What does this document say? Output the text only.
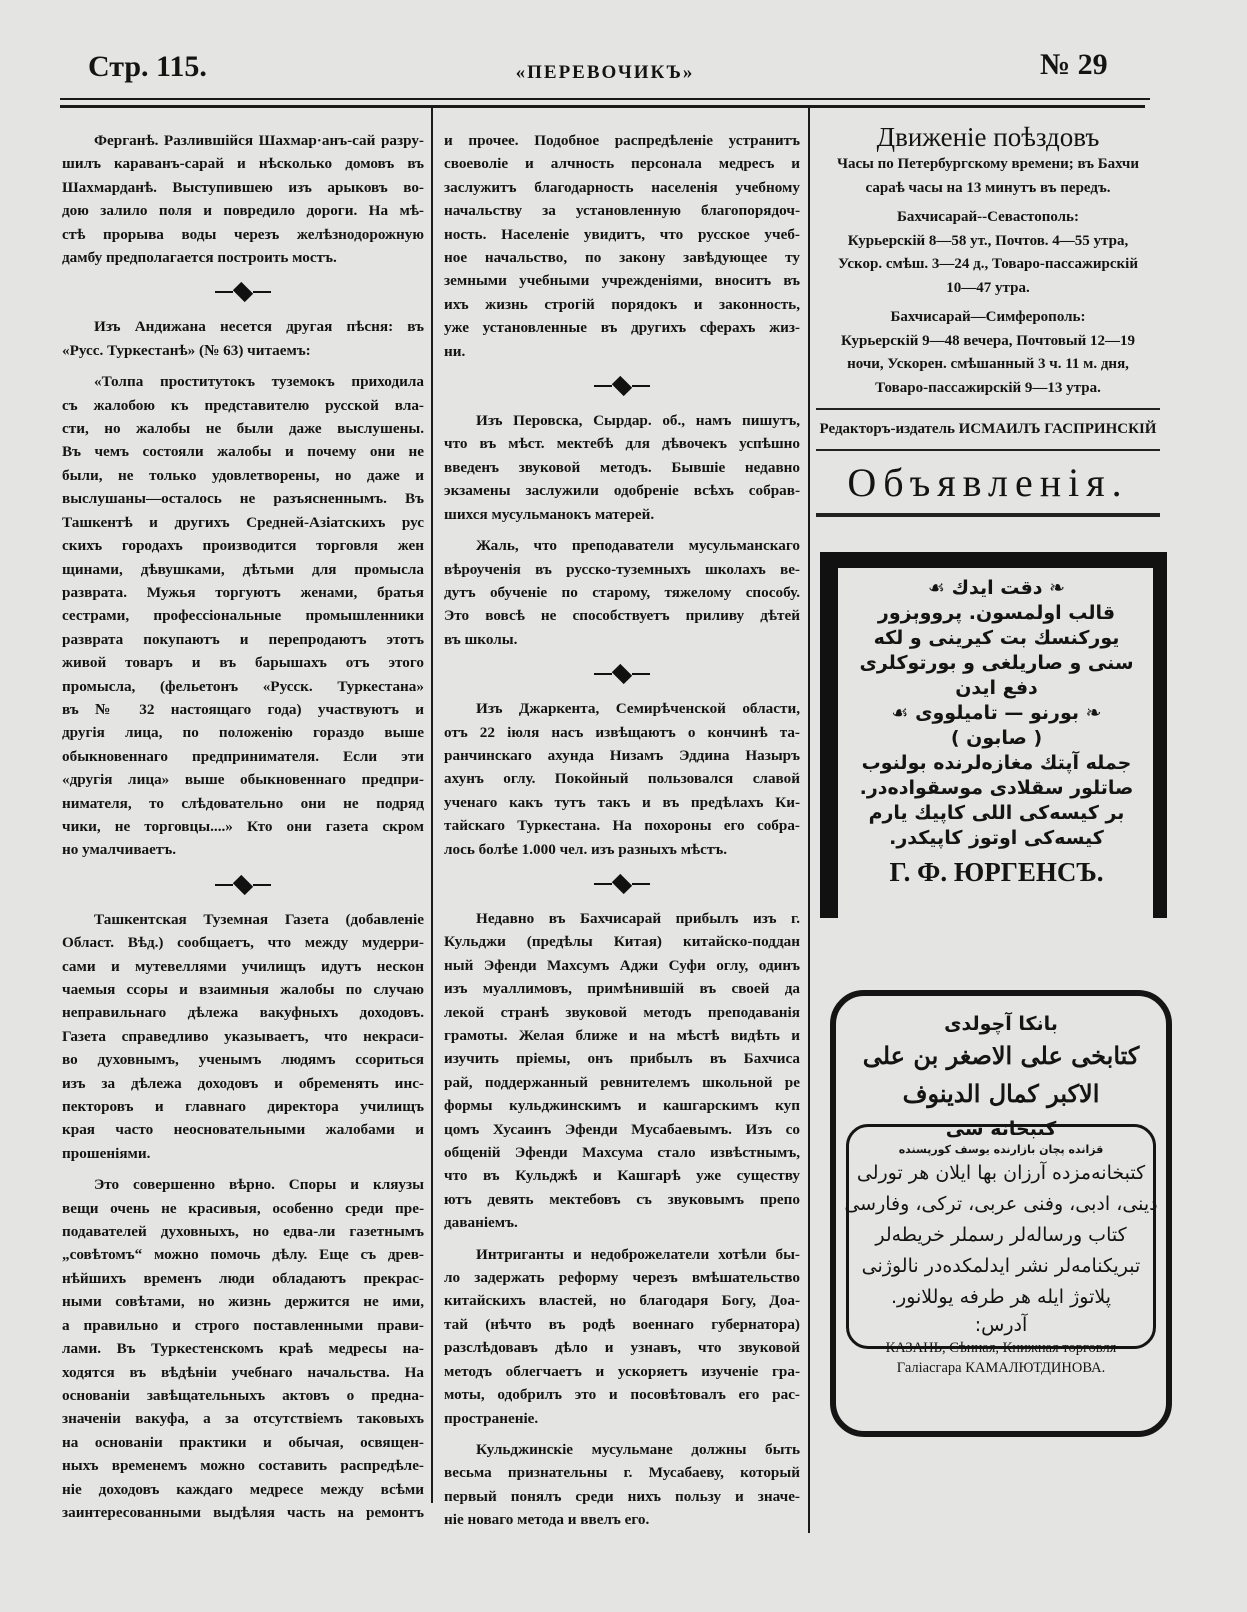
Стр. 115.	«ПЕРЕВОЧИКЪ»	№ 29
Ферганѣ. Разлившійся Шахмар·анъ-сай разру-
шилъ караванъ-сарай и нѣсколько домовъ въ
Шахмарданѣ. Выступившею изъ арыковъ во-
дою залило поля и повредило дороги. На мѣ-
стѣ прорыва воды черезъ желѣзнодорожную
дамбу предполагается построить мостъ.
Изъ Андижана несется другая пѣсня: въ
«Русс. Туркестанѣ» (№ 63) читаемъ:
«Толпа проститутокъ туземокъ приходила
съ жалобою къ представителю русской вла-
сти, но жалобы не были даже выслушены.
Въ чемъ состояли жалобы и почему они не
были, не только удовлетворены, но даже и
выслушаны—осталось не разъясненнымъ. Въ
Ташкентѣ и другихъ Средней-Азіатскихъ рус
скихъ городахъ производится торговля жен
щинами, дѣвушками, дѣтьми для промысла
разврата. Мужья торгуютъ женами, братья
сестрами, профессіональные промышленники
разврата покупаютъ и перепродаютъ этотъ
живой товаръ и въ барышахъ отъ этого
промысла, (фельетонъ «Русск. Туркестана»
въ № 32 настоящаго года) участвуютъ и
другія лица, по положенію гораздо выше
обыкновеннаго предпринимателя. Если эти
«другія лица» выше обыкновеннаго предпри-
нимателя, то слѣдовательно они не подряд
чики, не торговцы....» Кто они газета скром
но умалчиваетъ.
Ташкентская Туземная Газета (добавленіе
Област. Вѣд.) сообщаетъ, что между мудерри-
сами и мутевеллями училищъ идутъ нескон
чаемыя ссоры и взаимныя жалобы по случаю
неправильнаго дѣлежа вакуфныхъ доходовъ.
Газета справедливо указываетъ, что некраси-
во духовнымъ, ученымъ людямъ ссориться
изъ за дѣлежа доходовъ и обременять инс-
пекторовъ и главнаго директора училищъ
края часто неосновательными жалобами и
прошеніями.
Это совершенно вѣрно. Споры и кляузы
вещи очень не красивыя, особенно среди пре-
подавателей духовныхъ, но едва-ли газетнымъ
„совѣтомъ“ можно помочь дѣлу. Еще съ древ-
нѣйшихъ временъ люди обладаютъ прекрас-
ными совѣтами, но жизнь держится не ими,
а правильно и строго поставленными прави-
лами. Въ Туркестенскомъ краѣ медресы на-
ходятся въ вѣдѣніи учебнаго начальства. На
основаніи завѣщательныхъ актовъ о предна-
значеніи вакуфа, а за отсутствіемъ таковыхъ
на основаніи практики и обычая, освящен-
ныхъ временемъ можно составить распредѣле-
ніе доходовъ каждаго медресе между всѣми
заинтересованными выдѣляя часть на ремонтъ
и прочее. Подобное распредѣленіе устранитъ
своеволіе и алчность персонала медресъ и
заслужитъ благодарность населенія учебному
начальству за установленную благопорядоч-
ность. Населеніе увидитъ, что русское учеб-
ное начальство, по закону завѣдующее ту
земными учебными учрежденіями, вноситъ въ
ихъ жизнь строгій порядокъ и законность,
уже установленные въ другихъ сферахъ жиз-
ни.
Изъ Перовска, Сырдар. об., намъ пишутъ,
что въ мѣст. мектебѣ для дѣвочекъ успѣшно
введенъ звуковой методъ. Бывшіе недавно
экзамены заслужили одобреніе всѣхъ собрав-
шихся мусульманокъ матерей.
Жаль, что преподаватели мусульманскаго
вѣроученія въ русско-туземныхъ школахъ ве-
дутъ обученіе по старому, тяжелому способу.
Это вовсѣ не способствуетъ приливу дѣтей
въ школы.
Изъ Джаркента, Семирѣченской области,
отъ 22 іюля насъ извѣщаютъ о кончинѣ та-
ранчинскаго ахунда Низамъ Эддина Назыръ
ахунъ оглу. Покойный пользовался славой
ученаго какъ тутъ такъ и въ предѣлахъ Ки-
тайскаго Туркестана. На похороны его собра-
лось болѣе 1.000 чел. изъ разныхъ мѣстъ.
Недавно въ Бахчисарай прибылъ изъ г.
Кульджи (предѣлы Китая) китайско-поддан
ный Эфенди Махсумъ Аджи Суфи оглу, одинъ
изъ муаллимовъ, примѣнившій въ своей да
лекой странѣ звуковой методъ преподаванія
грамоты. Желая ближе и на мѣстѣ видѣть и
изучить пріемы, онъ прибылъ въ Бахчиса
рай, поддержанный ревнителемъ школьной ре
формы кульджинскимъ и кашгарскимъ куп
цомъ Хусаинъ Эфенди Мусабаевымъ. Изъ со
общеній Эфенди Махсума стало извѣстнымъ,
что въ Кульджѣ и Кашгарѣ уже существу
ютъ девять мектебовъ съ звуковымъ препо
даваніемъ.
Интриганты и недоброжелатели хотѣли бы-
ло задержать реформу черезъ вмѣшательство
китайскихъ властей, но благодаря Богу, Доа-
тай (нѣчто въ родѣ военнаго губернатора)
разслѣдовавъ дѣло и узнавъ, что звуковой
методъ облегчаетъ и ускоряетъ изученіе гра-
моты, одобрилъ это и посовѣтовалъ его рас-
пространеніе.
Кульджинскіе мусульмане должны быть
весьма признательны г. Мусабаеву, который
первый понялъ среди нихъ пользу и значе-
ніе новаго метода и ввелъ его.
Движеніе поѣздовъ
Часы по Петербургскому времени; въ Бахчи
сараѣ часы на 13 минутъ въ передъ.
Бахчисарай--Севастополь:
Курьерскій 8—58 ут., Почтов. 4—55 утра,
Ускор. смѣш. 3—24 д., Товаро-пассажирскій
10—47 утра.
Бахчисарай—Симферополь:
Курьерскій 9—48 вечера, Почтовый 12—19
ночи, Ускорен. смѣшанный 3 ч. 11 м. дня,
Товаро-пассажирскій 9—13 утра.
Редакторъ-издатель ИСМАИЛЪ ГАСПРИНСКІЙ
Объявленія.
❧ دقت ایدك ☙
قالب اولمسون. پرووېزور
یورکنسك بت کیرینی و لکه
سنی و صاریلغی و بورتوکلری
دفع ایدن
❧ بورنو — تامیلووی ☙
( صابون )
جمله آپتك مغازه‌لرنده بولنوب
صاتلور سقلادی موسقواده‌در.
بر کیسه‌کی اللی کاپیك یارم
کیسه‌کی اوتوز کاپیکدر.
Г. Ф. ЮРГЕНСЪ.
بانکا آچولدی
کتابخی علی الاصغر بن علی الاکبر کمال الدینوف
کتبخانه سی
قزانده پچان بازارنده یوسف کورپسنده
کتبخانه‌مزده آرزان بها ایلان هر تورلی
دینی، ادبی، وفنی عربی، ترکی، وفارسی
کتاب ورساله‌لر رسملر خریطه‌لر
تبریکنامه‌لر نشر ایدلمکده‌در نالوژنی
پلاتوژ ایله هر طرفه یوللانور.
آدرس:
КАЗАНЬ, Сѣнная, Книжная торговля
Галіасгара КАМАЛЮТДИНОВА.
